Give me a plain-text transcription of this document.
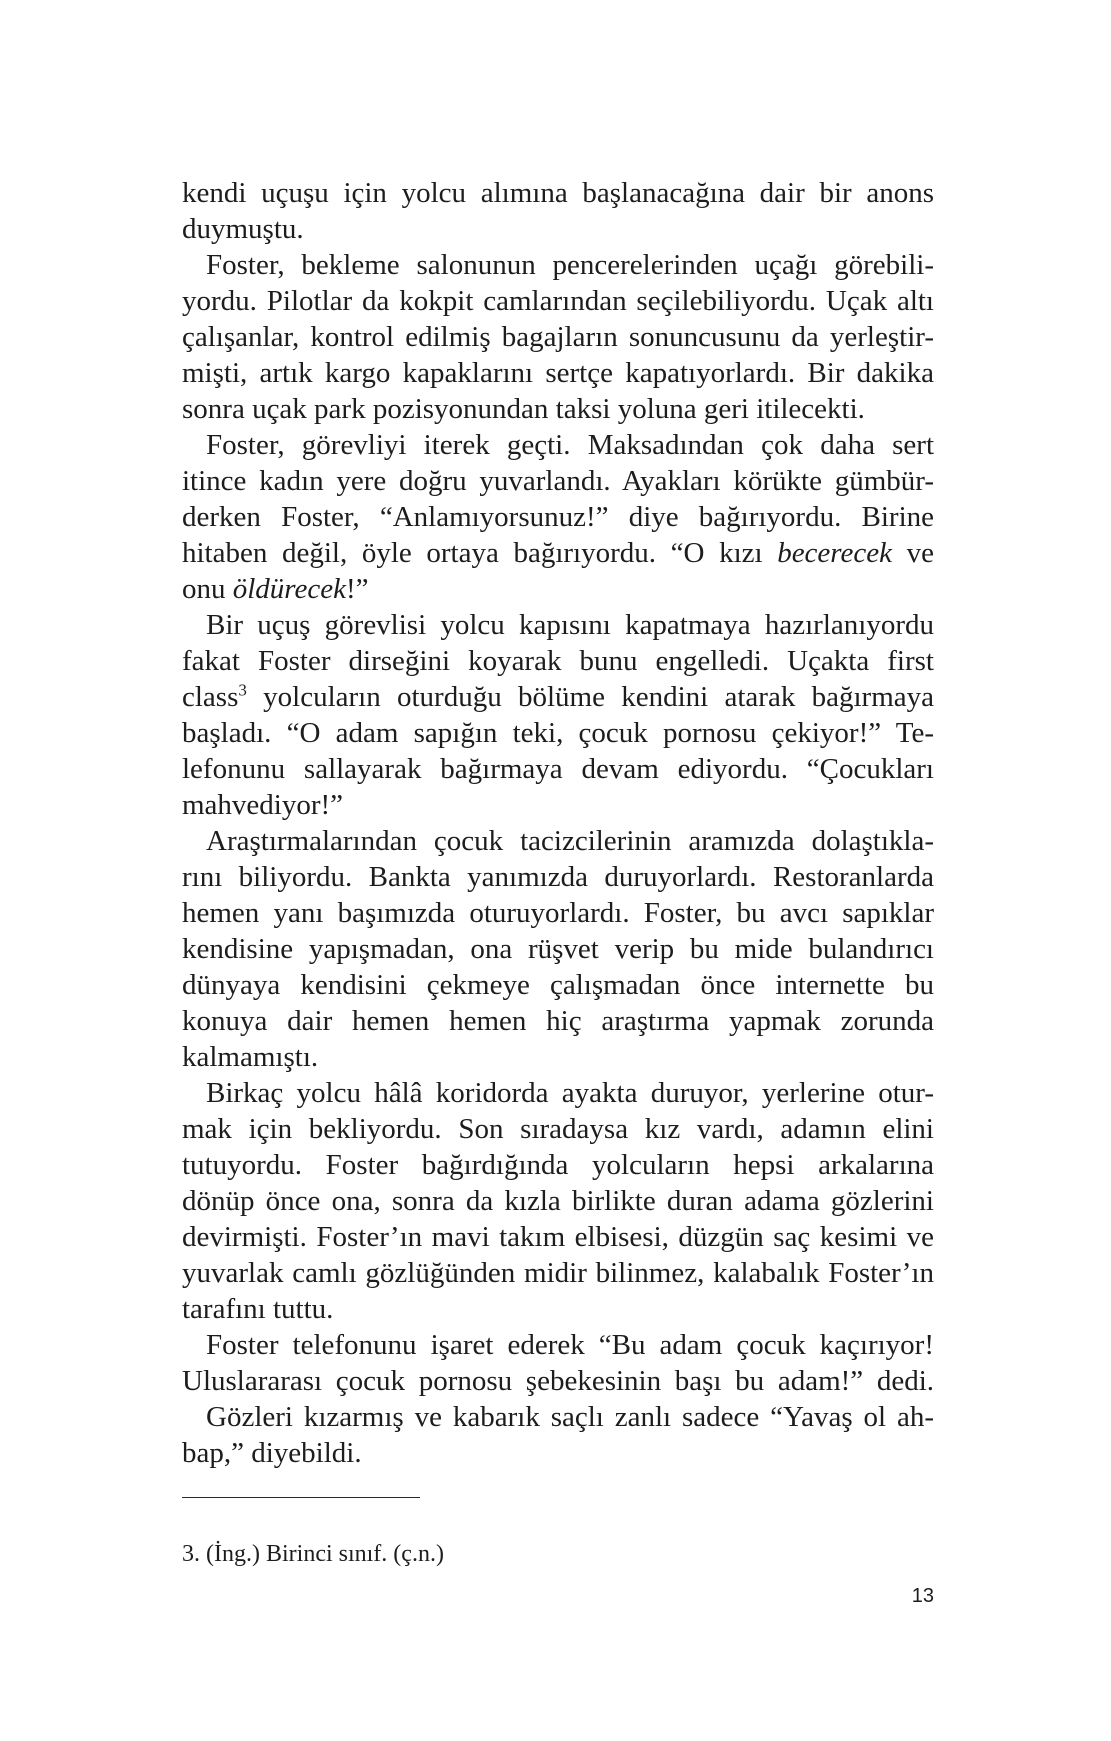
kendi uçuşu için yolcu alımına başlanacağına dair bir anons
duymuştu.
Foster, bekleme salonunun pencerelerinden uçağı görebili-
yordu. Pilotlar da kokpit camlarından seçilebiliyordu. Uçak altı
çalışanlar, kontrol edilmiş bagajların sonuncusunu da yerleştir-
mişti, artık kargo kapaklarını sertçe kapatıyorlardı. Bir dakika
sonra uçak park pozisyonundan taksi yoluna geri itilecekti.
Foster, görevliyi iterek geçti. Maksadından çok daha sert
itince kadın yere doğru yuvarlandı. Ayakları körükte gümbür-
derken Foster, “Anlamıyorsunuz!” diye bağırıyordu. Birine
hitaben değil, öyle ortaya bağırıyordu. “O kızı becerecek ve
onu öldürecek!”
Bir uçuş görevlisi yolcu kapısını kapatmaya hazırlanıyordu
fakat Foster dirseğini koyarak bunu engelledi. Uçakta first
class$^3$ yolcuların oturduğu bölüme kendini atarak bağırmaya
başladı. “O adam sapığın teki, çocuk pornosu çekiyor!” Te-
lefonunu sallayarak bağırmaya devam ediyordu. “Çocukları
mahvediyor!”
Araştırmalarından çocuk tacizcilerinin aramızda dolaştıkla-
rını biliyordu. Bankta yanımızda duruyorlardı. Restoranlarda
hemen yanı başımızda oturuyorlardı. Foster, bu avcı sapıklar
kendisine yapışmadan, ona rüşvet verip bu mide bulandırıcı
dünyaya kendisini çekmeye çalışmadan önce internette bu
konuya dair hemen hemen hiç araştırma yapmak zorunda
kalmamıştı.
Birkaç yolcu hâlâ koridorda ayakta duruyor, yerlerine otur-
mak için bekliyordu. Son sıradaysa kız vardı, adamın elini
tutuyordu. Foster bağırdığında yolcuların hepsi arkalarına
dönüp önce ona, sonra da kızla birlikte duran adama gözlerini
devirmişti. Foster’ın mavi takım elbisesi, düzgün saç kesimi ve
yuvarlak camlı gözlüğünden midir bilinmez, kalabalık Foster’ın
tarafını tuttu.
Foster telefonunu işaret ederek “Bu adam çocuk kaçırıyor!
Uluslararası çocuk pornosu şebekesinin başı bu adam!” dedi.
Gözleri kızarmış ve kabarık saçlı zanlı sadece “Yavaş ol ah-
bap,” diyebildi.
3. (İng.) Birinci sınıf. (ç.n.)
13
